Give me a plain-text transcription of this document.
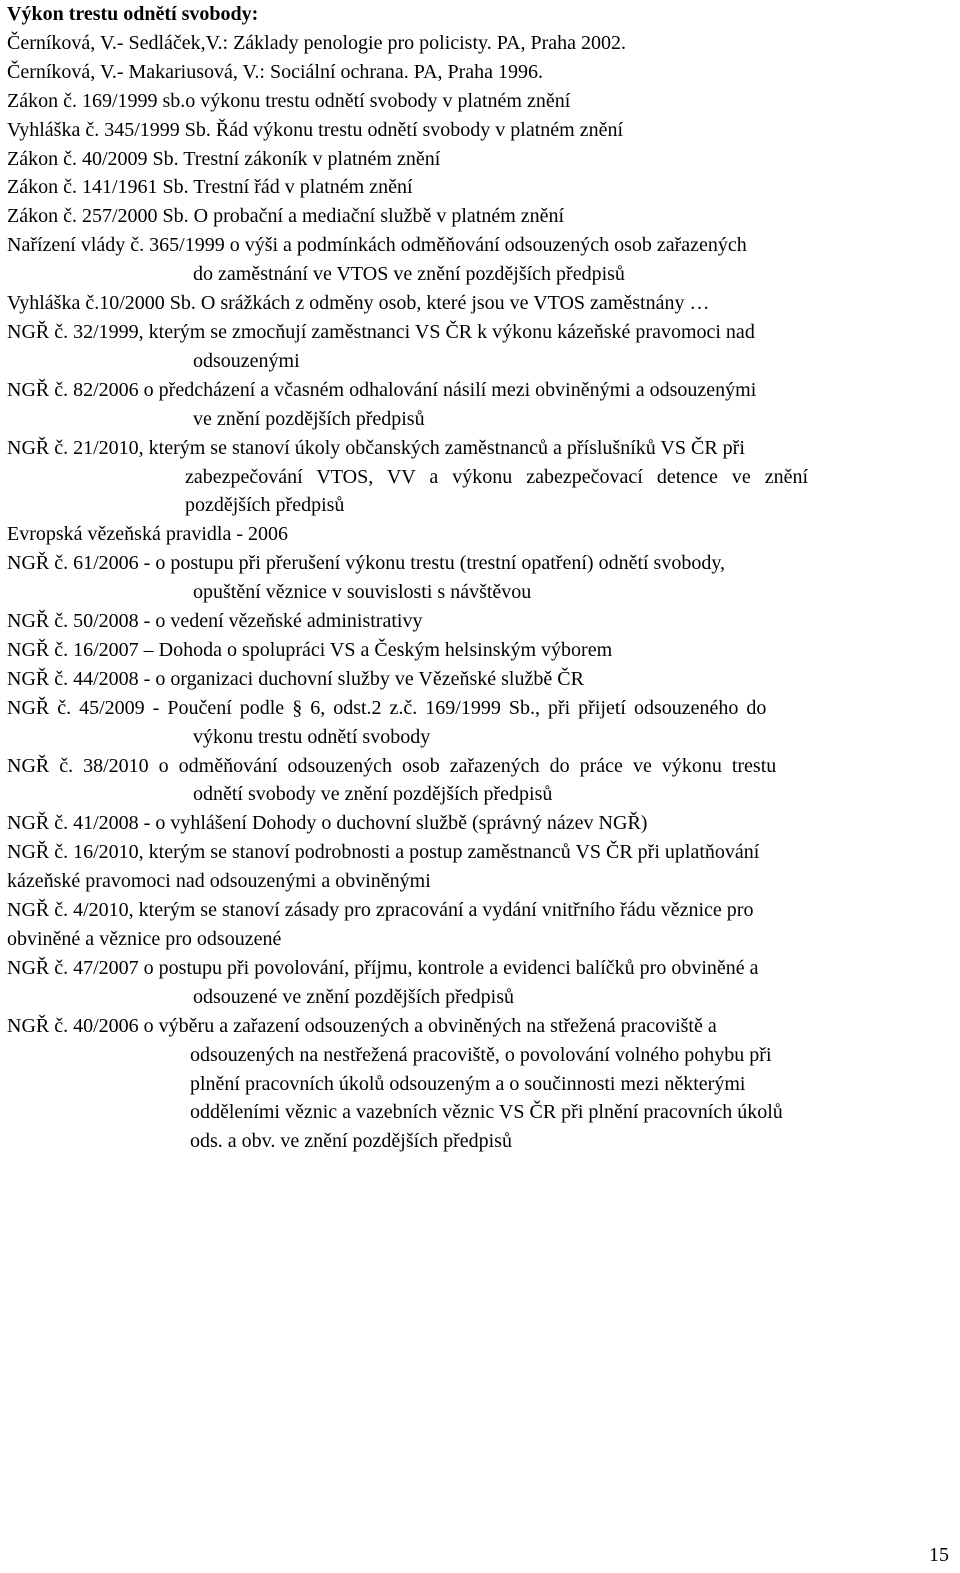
Výkon trestu odnětí svobody:

Černíková, V.- Sedláček,V.: Základy penologie pro policisty. PA, Praha 2002.

Černíková, V.- Makariusová, V.: Sociální ochrana. PA, Praha 1996.

Zákon č. 169/1999 sb.o výkonu trestu odnětí svobody v platném znění

Vyhláška č. 345/1999 Sb. Řád výkonu trestu odnětí svobody v platném znění

Zákon č. 40/2009 Sb. Trestní zákoník v platném znění

Zákon č. 141/1961 Sb. Trestní řád v platném znění

Zákon č. 257/2000 Sb. O probační a mediační službě v platném znění

Nařízení vlády č. 365/1999 o výši a podmínkách odměňování odsouzených osob zařazených
do zaměstnání ve VTOS ve znění pozdějších předpisů

Vyhláška č.10/2000 Sb. O srážkách z odměny osob, které jsou ve VTOS zaměstnány …

NGŘ č. 32/1999, kterým se zmocňují zaměstnanci VS ČR k výkonu kázeňské pravomoci nad
odsouzenými
NGŘ č. 82/2006 o předcházení a včasném odhalování násilí mezi obviněnými a odsouzenými
ve znění pozdějších předpisů
NGŘ č. 21/2010, kterým se stanoví úkoly občanských zaměstnanců a příslušníků VS ČR při
zabezpečování VTOS, VV a výkonu zabezpečovací detence ve znění
pozdějších předpisů

Evropská vězeňská pravidla - 2006

NGŘ č. 61/2006 - o postupu při přerušení výkonu trestu (trestní opatření) odnětí svobody,
opuštění věznice v souvislosti s návštěvou

NGŘ č. 50/2008 - o vedení vězeňské administrativy

NGŘ č. 16/2007 – Dohoda o spolupráci VS a Českým helsinským výborem

NGŘ č. 44/2008 - o organizaci duchovní služby ve Vězeňské službě ČR

NGŘ č. 45/2009 - Poučení podle § 6, odst.2 z.č. 169/1999 Sb., při přijetí odsouzeného do
výkonu trestu odnětí svobody
NGŘ č. 38/2010 o odměňování odsouzených osob zařazených do práce ve výkonu trestu
odnětí svobody ve znění pozdějších předpisů

NGŘ č. 41/2008 - o vyhlášení Dohody o duchovní službě (správný název NGŘ)

NGŘ č. 16/2010, kterým se stanoví podrobnosti a postup zaměstnanců VS ČR při uplatňování
kázeňské pravomoci nad odsouzenými a obviněnými
NGŘ č. 4/2010, kterým se stanoví zásady pro zpracování a vydání vnitřního řádu věznice pro
obviněné a věznice pro odsouzené
NGŘ č. 47/2007 o postupu při povolování, příjmu, kontrole a evidenci balíčků pro obviněné a
odsouzené ve znění pozdějších předpisů
NGŘ č. 40/2006 o výběru a zařazení odsouzených a obviněných na střežená pracoviště a
odsouzených na nestřežená pracoviště, o povolování volného pohybu při
plnění pracovních úkolů odsouzeným a o součinnosti mezi některými
odděleními věznic a vazebních věznic VS ČR při plnění pracovních úkolů
ods. a obv. ve znění pozdějších předpisů
15
